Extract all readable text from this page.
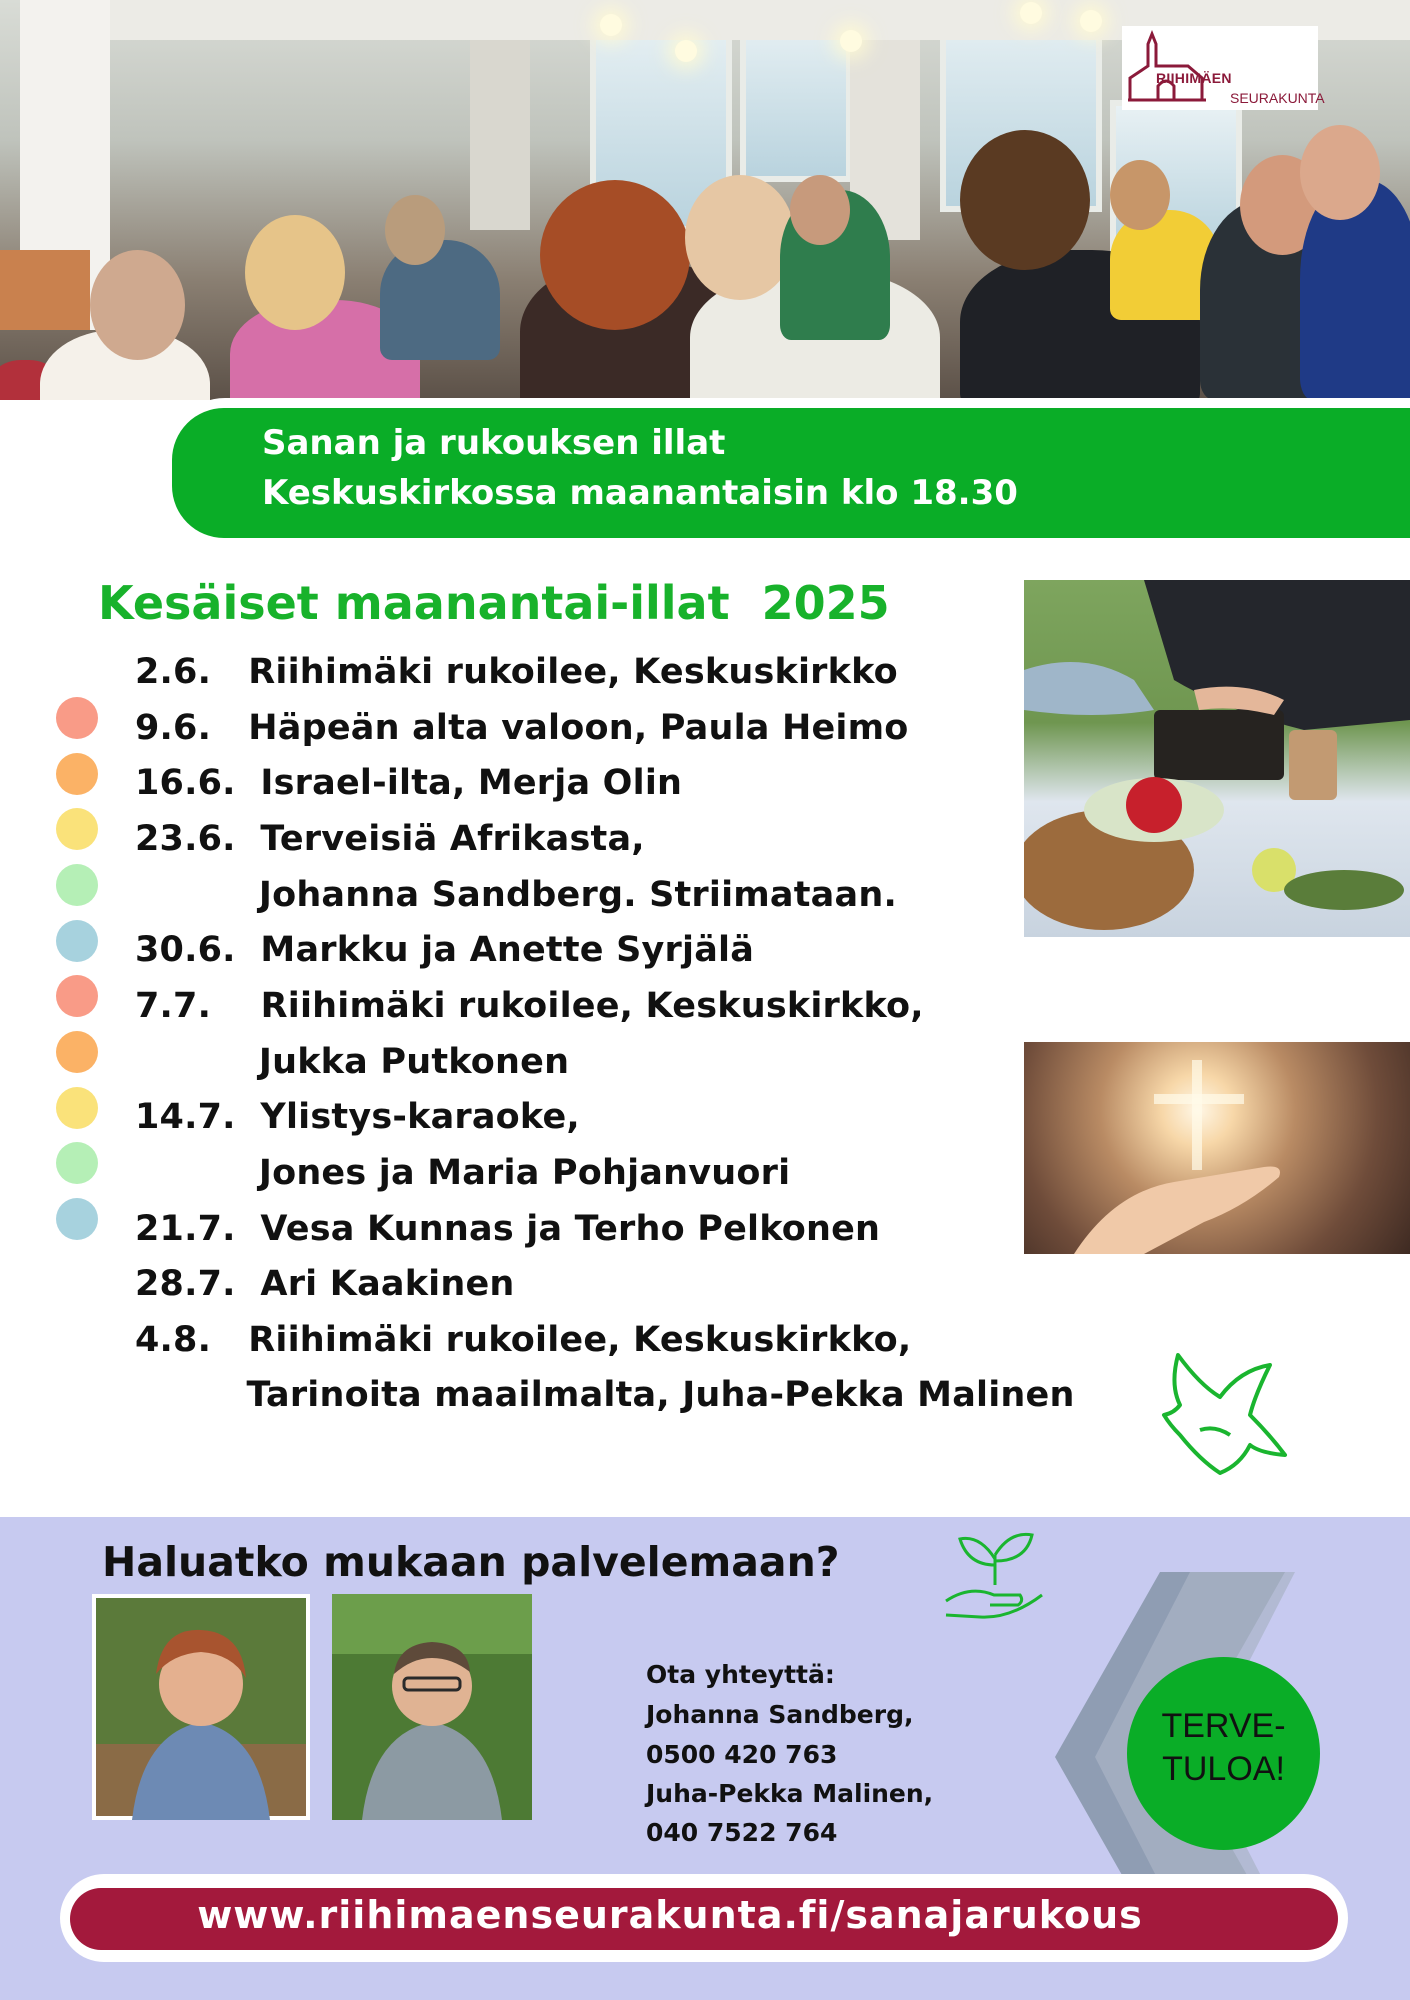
RIIHIMÄEN
SEURAKUNTA
Sanan ja rukouksen illat
Keskuskirkossa maanantaisin klo 18.30
Kesäiset maanantai-illat  2025
2.6.   Riihimäki rukoilee, Keskuskirkko
9.6.   Häpeän alta valoon, Paula Heimo
16.6.  Israel-ilta, Merja Olin
23.6.  Terveisiä Afrikasta,
Johanna Sandberg. Striimataan.
30.6.  Markku ja Anette Syrjälä
7.7.    Riihimäki rukoilee, Keskuskirkko,
Jukka Putkonen
14.7.  Ylistys-karaoke,
Jones ja Maria Pohjanvuori
21.7.  Vesa Kunnas ja Terho Pelkonen
28.7.  Ari Kaakinen
4.8.   Riihimäki rukoilee, Keskuskirkko,
Tarinoita maailmalta, Juha-Pekka Malinen
Haluatko mukaan palvelemaan?
Ota yhteyttä:
Johanna Sandberg,
0500 420 763
Juha-Pekka Malinen,
040 7522 764
TERVE-
TULOA!
www.riihimaenseurakunta.fi/sanajarukous
